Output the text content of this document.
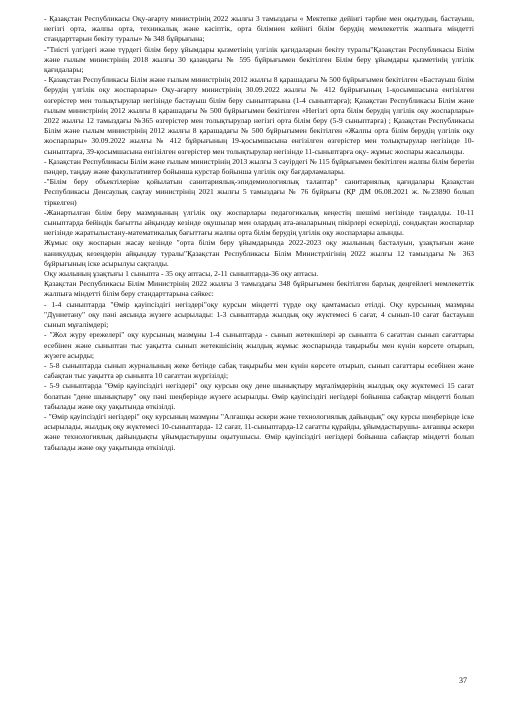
- Қазақстан Республикасы Оқу-ағарту министрінің 2022 жылғы 3 тамыздағы « Мектепке дейінгі тәрбие мен оқытудың, бастауыш, негізгі орта, жалпы орта, техникалық және кәсіптік, орта білімнен кейінгі білім берудің мемлекеттік жалпыға міндетті стандарттарын бекіту туралы» № 348 бұйрығына;

-"Тиісті үлгідегі және түрдегі білім беру ұйымдары қызметінің үлгілік қағидаларын бекіту туралы"Қазақстан Республикасы Білім және ғылым министрінің 2018 жылғы 30 қазандағы № 595 бұйрығымен бекітілген Білім беру ұйымдары қызметінің үлгілік қағидалары;

- Қазақстан Республикасы Білім және ғылым министрінің 2012 жылғы 8 қарашадағы № 500 бұйрығымен бекітілген «Бастауыш білім берудің үлгілік оқу жоспарлары» Оқу-ағарту министрінің 30.09.2022 жылғы № 412 бұйрығының 1-қосымшасына енгізілген өзгерістер мен толықтырулар негізінде бастауыш білім беру сыныптарына (1-4 сыныптарға); Қазақстан Республикасы Білім және ғылым министрінің 2012 жылғы 8 қарашадағы № 500 бұйрығымен бекітілген «Негізгі орта білім берудің үлгілік оқу жоспарлары» 2022 жылғы 12 тамыздағы №365 өзгерістер мен толықтырулар негізгі орта білім беру (5-9 сыныптарға) ; Қазақстан Республикасы Білім және ғылым министрінің 2012 жылғы 8 қарашадағы № 500 бұйрығымен бекітілген «Жалпы орта білім берудің үлгілік оқу жоспарлары» 30.09.2022 жылғы № 412 бұйрығының 19-қосымшасына енгізілген өзгерістер мен толықтырулар негізінде 10-сыныптарға, 39-қосымшасына енгізілген өзгерістер мен толықтырулар негізінде 11-сыныптарға оқу- жұмыс жоспары жасалынды.

- Қазақстан Республикасы Білім және ғылым министрінің 2013 жылғы 3 сәуірдегі № 115 бұйрығымен бекітілген жалпы білім беретін пәндер, таңдау және факультативтер бойынша курстар бойынша үлгілік оқу бағдарламалары.

-"Білім беру объектілеріне қойылатын санитариялық-эпидемиологиялық талаптар" санитариялық қағидалары Қазақстан Республикасы Денсаулық сақтау министрінің 2021 жылғы 5 тамыздағы № 76 бұйрығы (ҚР ДМ 06.08.2021 ж. №23890 болып тіркелген)

-Жанартылған білім беру мазмұнының үлгілік оқу жоспарлары педагогикалық кеңестің шешімі негізінде таңдалды. 10-11 сыныптарда бейіндік бағытты айқындау кезінде оқушылар мен олардың ата-аналарының пікірлері ескерілді, сондықтан жоспарлар негізінде жаратылыстану-математикалық бағыттағы жалпы орта білім берудің үлгілік оқу жоспарлары алынды.

Жұмыс оқу жоспарын жасау кезінде "орта білім беру ұйымдарында 2022-2023 оқу жылының басталуын, ұзақтығын және каникулдық кезеңдерін айқындау туралы"Қазақстан Республикасы Білім Министрлігінің 2022 жылғы 12 тамыздағы № 363 бұйрығының іске асырылуы сақталды.

Оқу жылының ұзақтығы 1 сыныпта - 35 оқу аптасы, 2-11 сыныптарда-36 оқу аптасы.

Қазақстан Республикасы Білім Министрінің 2022 жылғы 3 тамыздағы 348 бұйрығымен бекітілген барлық деңгейлегі мемлекеттік жалпыға міндетті білім беру стандарттарына сәйкес:

- 1-4 сыныптарда "Өмір қауіпсіздігі негіздері"оқу курсын міндетті түрде оқу қамтамасыз етілді. Оқу курсының мазмұны "Дүниетану" оқу пәні аясында жүзеге асырылады: 1-3 сыныптарда жылдық оқу жүктемесі 6 сағат, 4 сынып-10 сағат бастауыш сынып мұғалімдері;

- "Жол жүру ережелері" оқу курсының мазмұны 1-4 сыныптарда - сынып жетекшілері әр сыныпта 6 сағаттан сынып сағаттары есебінен және сыныптан тыс уақытта сынып жетекшісінің жылдық жұмыс жоспарында тақырыбы мен күнін көрсете отырып, жүзеге асырды;

- 5-8 сыныптарда сынып журналының жеке бетінде сабақ тақырыбы мен күнін көрсете отырып, сынып сағаттары есебінен және сабақтан тыс уақытта әр сыныпта 10 сағаттан жүргізілді;

- 5-9 сыныптарда "Өмір қауіпсіздігі негіздері" оқу курсын оқу дене шынықтыру мұғалімдерінің жылдық оқу жүктемесі 15 сағат болатын "дене шынықтыру" оқу пәні шеңберінде жүзеге асырылды. Өмір қауіпсіздігі негіздері бойынша сабақтар міндетті болып табылады және оқу уақытында өткізілді.

- "Өмір қауіпсіздігі негіздері" оқу курсының мазмұны "Алғашқы әскери және технологиялық дайындық" оқу курсы шеңберінде іске асырылады, жылдық оқу жүктемесі 10-сыныптарда- 12 сағат, 11-сыныптарда-12 сағатты құрайды, ұйымдастырушы- алғашқы әскери және технологиялық дайындықты ұйымдастырушы оқытушысы. Өмір қауіпсіздігі негіздері бойынша сабақтар міндетті болып табылады және оқу уақытында өткізілді.

37
